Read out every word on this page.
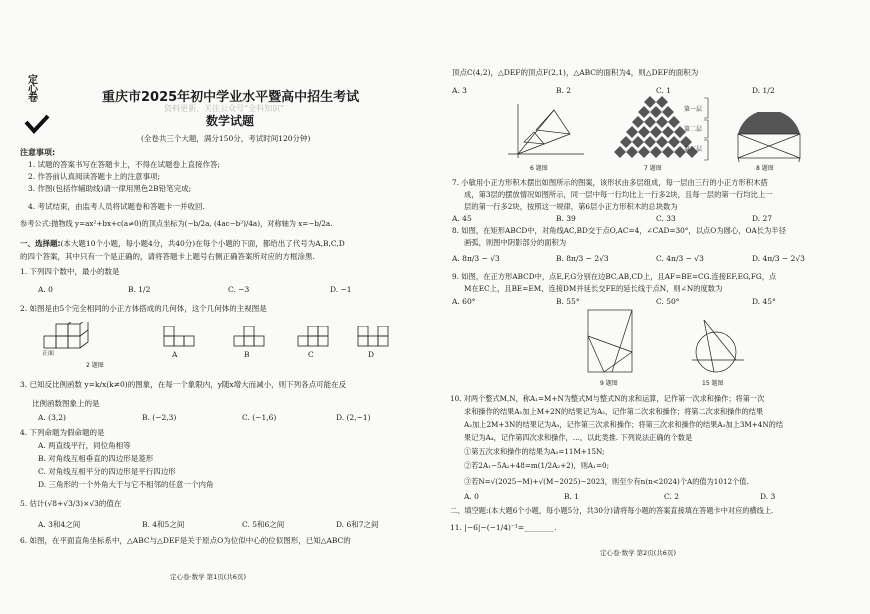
定心卷	重庆市2025年初中学业水平暨高中招生考试
资料更新，关注公众号“全科知识”
数学试题
(全卷共三个大题，满分150分，考试时间120分钟)
注意事项:
1. 试题的答案书写在答题卡上，不得在试题卷上直接作答;
2. 作答前认真阅读答题卡上的注意事项;
3. 作图(包括作辅助线)请一律用黑色2B铅笔完成;
4. 考试结束，由监考人员将试题卷和答题卡一并收回.
参考公式:抛物线 y=ax²+bx+c(a≠0)的顶点坐标为(−b/2a, (4ac−b²)/4a)，对称轴为 x=−b/2a.
一、选择题:(本大题10个小题，每小题4分，共40分)在每个小题的下面，都给出了代号为A,B,C,D
的四个答案，其中只有一个是正确的，请将答题卡上题号右侧正确答案所对应的方框涂黑.
1. 下列四个数中，最小的数是
A. 0	B. 1/2	C. −3	D. −1
2. 如图是由5个完全相同的小正方体搭成的几何体，这个几何体的主视图是
正面	A	B	C	D
2 题图
3. 已知反比例函数 y=k/x(k≠0)的图象，在每一个象限内，y随x增大而减小，则下列各点可能在反
比例函数图象上的是
A. (3,2)	B. (−2,3)	C. (−1,6)	D. (2,−1)
4. 下列命题为假命题的是
A. 两直线平行，同位角相等
B. 对角线互相垂直的四边形是菱形
C. 对角线互相平分的四边形是平行四边形
D. 三角形的一个外角大于与它不相邻的任意一个内角
5. 估计(√8+√3/3)×√3的值在
A. 3和4之间	B. 4和5之间	C. 5和6之间	D. 6和7之间
6. 如图，在平面直角坐标系中，△ABC与△DEF是关于原点O为位似中心的位似图形，已知△ABC的
定心卷·数学 第1页(共6页)
顶点C(4,2)，△DEF的顶点F(2,1)，△ABC的面积为4，则△DEF的面积为
A. 3	B. 2	C. 1	D. 1/2
第一层
第二层
第三层
6 题图	7 题图	8 题图
7. 小敏用小正方形积木摆出如图所示的图案，该形状由多层组成，每一层由三行的小正方形积木搭
成，第3层的摆放情况如图所示，同一层中每一行均比上一行多2块，且每一层的第一行均比上一
层的第一行多2块，按照这一规律，第6层小正方形积木的总块数为
A. 45	B. 39	C. 33	D. 27
8. 如图，在矩形ABCD中，对角线AC,BD交于点O,AC=4，∠CAD=30°，以点O为圆心，OA长为半径
画弧，则图中阴影部分的面积为
A. 8π/3 − √3	B. 8π/3 − 2√3	C. 4π/3 − √3	D. 4π/3 − 2√3
9. 如图，在正方形ABCD中，点E,F,G分别在边BC,AB,CD上，且AF=BE=CG.连接EF,EG,FG，点
M在EC上，且BE=EM，连接DM并延长交FE的延长线于点N，则∠N的度数为
A. 60°	B. 55°	C. 50°	D. 45°
9 题图	15 题图
10. 对两个整式M,N，称A₁=M+N为整式M与整式N的求和运算，记作第一次求和操作；将第一次
求和操作的结果A₁加上M+2N的结果记为A₂，记作第二次求和操作；将第二次求和操作的结果
A₂加上2M+3N的结果记为A₃，记作第三次求和操作；将第三次求和操作的结果A₃加上3M+4N的结
果记为A₄，记作第四次求和操作，…，以此类推. 下列说法正确的个数是
①第五次求和操作的结果为A₅=11M+15N;
②若2A₁−5A₂+48=m(1/2A₂+2)，则A₁=0;
③若N=√(2025−M)+√(M−2025)−2023，则至少有n(n<2024)个A的值为1012个值.
A. 0	B. 1	C. 2	D. 3
二、填空题:(本大题6个小题，每小题5分，共30分)请将每小题的答案直接填在答题卡中对应的横线上.
11. |−6|−(−1/4)⁻¹=________.
定心卷·数学 第2页(共6页)
